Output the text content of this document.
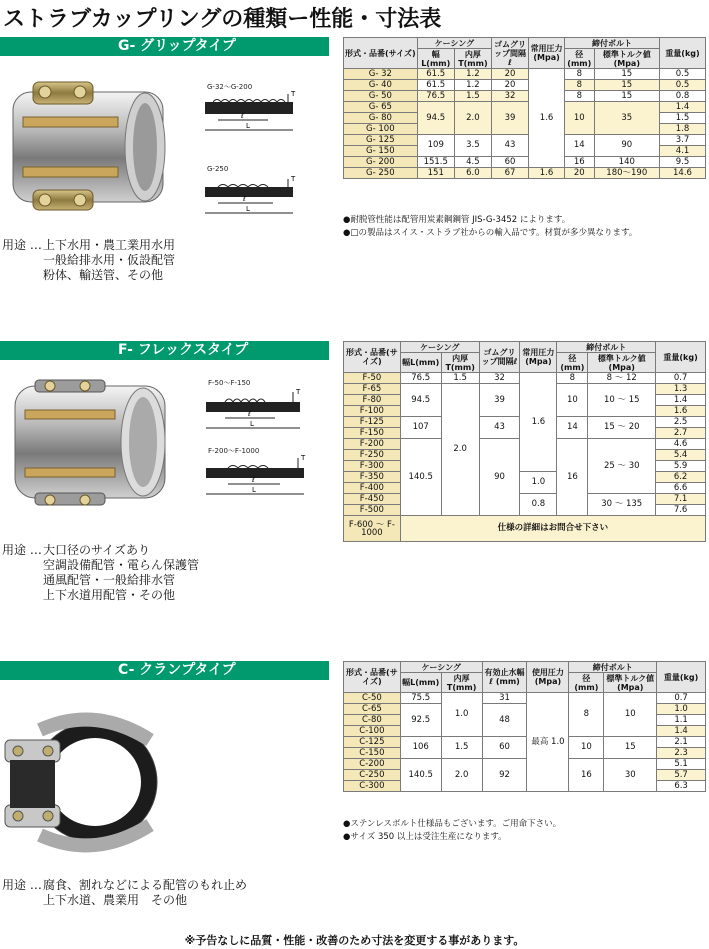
ストラブカップリングの種類ー性能・寸法表
G- グリップタイプ
G-32～G-200
T
ℓ
L
G-250
T
ℓ
L
用途 … 上下水用・農工業用水用
一般給排水用・仮設配管
粉体、輸送管、その他
形式・品番(サイズ)	ケーシング		ゴムグリップ間隔ℓ	常用圧力(Mpa)	締付ボルト		重量(kg)
	幅L(mm)	内厚T(mm)			径(mm)	標準トルク値(Mpa)	
G- 32	61.5	1.2	20	1.6	8	15	0.5
G- 40	61.5	1.2	20		8	15	0.5
G- 50	76.5	1.5	32		8	15	0.8
G- 65	94.5	2.0	39		10	35	1.4
G- 80							1.5
G- 100							1.8
G- 125	109	3.5	43		14	90	3.7
G- 150							4.1
G- 200	151.5	4.5	60		16	140	9.5
G- 250	151	6.0	67	1.6	20	180～190	14.6
●耐脱管性能は配管用炭素鋼鋼管 JIS-G-3452 によります。
●□の製品はスイス・ストラブ社からの輸入品です。材質が多少異なります。
F- フレックスタイプ
F-50～F-150
T
ℓ
L
F-200～F-1000
T
ℓ
L
用途 … 大口径のサイズあり
空調設備配管・電らん保護管
通風配管・一般給排水管
上下水道用配管・その他
形式・品番(サイズ)	ケーシング		ゴムグリップ間隔ℓ	常用圧力(Mpa)	締付ボルト		重量(kg)
	幅L(mm)	内厚T(mm)			径(mm)	標準トルク値(Mpa)	
F-50	76.5	1.5	32	1.6	8	8 ～ 12	0.7
F-65	94.5	2.0	39		10	10 ～ 15	1.3
F-80							1.4
F-100							1.6
F-125	107		43		14	15 ～ 20	2.5
F-150							2.7
F-200	140.5		90		16	25 ～ 30	4.6
F-250							5.4
F-300							5.9
F-350				1.0			6.2
F-400							6.6
F-450				0.8		30 ～ 135	7.1
F-500							7.6
F-600 〜 F-1000	仕様の詳細はお問合せ下さい						
C- クランプタイプ
用途 … 腐食、割れなどによる配管のもれ止め
上下水道、農業用　その他
形式・品番(サイズ)	ケーシング		有効止水幅ℓ (mm)	使用圧力(Mpa)	締付ボルト		重量(kg)
	幅L(mm)	内厚T(mm)			径(mm)	標準トルク値(Mpa)	
C-50	75.5	1.0	31	最高 1.0	8	10	0.7
C-65	92.5		48				1.0
C-80							1.1
C-100							1.4
C-125	106	1.5	60		10	15	2.1
C-150							2.3
C-200	140.5	2.0	92		16	30	5.1
C-250							5.7
C-300							6.3
●ステンレスボルト仕様品もございます。ご用命下さい。
●サイズ 350 以上は受注生産になります。
※予告なしに品質・性能・改善のため寸法を変更する事があります。
